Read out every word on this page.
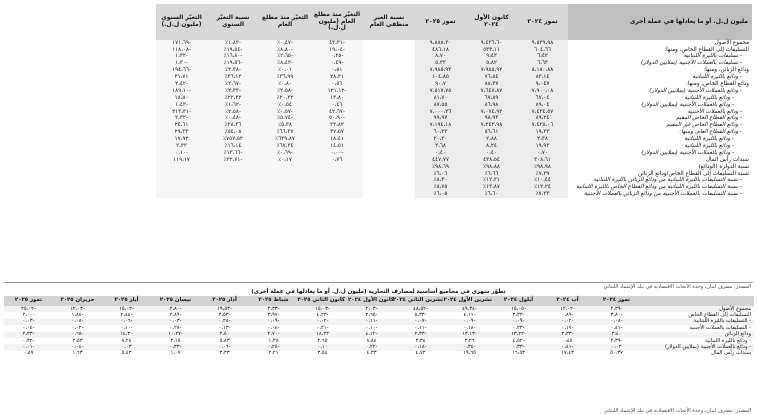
مليون ل.ل. أو ما يعادلها في عملة أخرى	تموز ٢٠٢٤	كانون الأول ٢٠٢٤	تموز ٢٠٢٥	نسبة الغير منطقي العام	التغيّر منذ مطلع العام (مليون ل.ل.)	التغيّر منذ مطلع العام	نسبة التغيّر السنوي	التغيّر السنوي (مليون ل.ل.)
مجموع الأصول	٩،٥٣٩،٩٨	٩،٤٣٦،٦٠	٩،٨٨٨،٣٠		-٤٣،٣١	-٠،٤٧٪	-١،٨٣٪	-١٧١،٦٩
التسليفات إلى القطاع الخاص، ومنها:	٦٠٤،٦٦	٥٣٣،١١	٤٨٦،١٨		-١٩،٠٤	-٨،٨٠٪	-١٩،٥٤٪	-١١٨،٠٨
- تسليفات بالليرة اللبنانية	٦،٤٢	٩،٤٢	٨،٧٠		-٠،٢٥	-٢،٦٥٪	-١٦،٨٠٪	-١،٣٣
- تسليفات بالعملات الأجنبية (بملايين الدولار)	٦،٦٣	٥،٨٢	٥،٣٣		-٠،٤٩	-٨،٤٣٪	-١٩،٥٦٪	-١،٣٠
ودائع الزبائن، ومنها:	٨،١٨٠،٨٨	٧،٩٨٥،٩٢	٧،٩٨٥،٩٢		٠،٥١	٠،٠١٪	-٢،٣٨٪	-١٩٤،٦٦
- ودائع بالليرة اللبنانية	٨٣،١٤	٧٦،٥٤	١٠٤،٨٥		٢٨،٣١	٣٦،٩٩٪	٣٦،١٢٪	٢١،٧١
ودائع القطاع الخاص، ومنها:	٩،٠٤٧	٨٨،٣٧	٩٠،٧		٠،٥٦	٠،٨٠٪	-٢،٦٧٪	-٢،٤٢
- ودائع بالعملات الأجنبية (بملايين الدولار)	٧،٩٠٠،٠٨	٧،٦٤٧،٨٧	٧،٥١٧،٧٥		-١٢١،١٢	-٢،٥٨٪	-٢،٣٣٪	-١٨٩،١٠
- ودائع بالليرة اللبنانية	٦٧،٠٤	٦٧،٨٩	٨١،٧٠		١٣،٨٠	٢٠،٣٣٪	٢٢،٣٢٪	١٨،٥٠
- ودائع بالعملات الأجنبية (بملايين الدولار)	٨٩،٠٤	٨٦،٩٨	٨٧،٥٥		٠،٤٦	٠،٥٤٪	-١،٦٢٪	-١،٤٣
- ودائع بالعملات الأجنبية	٧،٤٣٤،٥٧	٧،٠٧٤،٩٣	٧،٠٠٠،٢٦		-٤٢،٦٧	-٠،٥٧٪	-٢،٥٨٪	-٢١٣،٣١
- ودائع القطاع الخاص المقيم	٨٩،٢٤	٩٨،٩٣	٩٩،٩٧		-٥٠،٩٠	-٥،٧٤٪	-٠،٤٨٪	-٢،٣٢
- ودائع القطاع الخاص غير المقيم	٧،٤٣٨،٠٦	٧،٢٤٢،٩٨	٧،١٩٤،١٨		٣٣،٨٢	٥،٣٨٪	٢٨،٣٦٪	٢٤،٦١
- ودائع القطاع العام، ومنها:	١٩،٣٣	٥٦،٦١	٦٠،٢٣		٣٧،٥٧	٦٦،٣٧٪	٥٤،٠٨٪	٢٩،٣٣
- ودائع بالليرة اللبنانية	٢،٣٨	٢،٨٨	٢٠،٣٠		١٨،٤١	٦٣٩،٨٧٪	٧٥٧،٥٢٪	١٧،٩٢
- ودائع بالليرة اللبنانية	١٩،٩٣	٨،٢٤	٢،٦٨		١٤،٥١	٦٧،٣٤٪	١٦،١٤٪	٣،٣٣
- ودائع بالعملات الأجنبية (بملايين الدولار)	٠،٧٠	٠،٤٠	٠،٤٠		-٠،٠٠	-٠،٦٩٪	-١٣،٦٦٪	-٠،١٠
سندات رأس المال	٣٠٨،٦١	٤٣٨،٥٤	٤٤٧،٧٧		٠،٧٦	٠،١٧٪	-٣٢،٧١٪	١١٩،١٧
نسبة الدولرة (الودائع)	٩٨،٩٨٪	٩٨،٨٨٪	٩٨،٦٩٪					
نسبة التسليفات إلى القطاع الخاص/ودائع الزبائن	٧،٣٩٪	٦،٦٦٪	٦،٠٦٪					
- نسبة التسليفات بالليرة اللبنانية من ودائع الزبائن بالليرة اللبنانية	١٠،٤٤٪	١٢،٣١٪	٨،٣٠٪					
- نسبة التسليفات بالليرة اللبنانية من ودائع القطاع الخاص بالليرة اللبنانية	١٢،٢٤٪	١٣،٨٧٪	٨،٧٥٪					
- نسبة التسليفات بالعملات الأجنبية من ودائع الزبائن بالعملات الأجنبية	٧،٣٣٪	٦،٦٠٪	٦،٠٥٪					
المصدر: مصرف لبنان، وحدة الأبحاث الاقتصادية في بنك الإعتماد اللبناني
تطوّر شهري في مجاميع أساسية لمصارف التجارية (مليون ل.ل. أو ما يعادلها في عملة أخرى)
	تموز ٢٠٢٤	آب ٢٠٢٤	أيلول ٢٠٢٤	تشرين الأول ٢٠٢٤	تشرين الثاني ٢٠٢٤	كانون الأول ٢٠٢٤	كانون الثاني ٢٠٢٥	شباط ٢٠٢٥	آذار ٢٠٢٥	نيسان ٢٠٢٥	أيار ٢٠٢٥	حزيران ٢٠٢٥	تموز ٢٠٢٥
مجموع الأصول	-٢،٣٩	-١٢،٠٢	-١٥،٠٥	-٤٩،٣٤	-٤٨،٥٢	-٢،٠٣	-١٥،٠٣	-٣،٣٣	-١٩،٥٣	-٢،٨٠	-١٥،٠٣	-١٢،٠٣	-٢٥،٠٢
التسليفات إلى القطاع الخاص	-٣،٨٠	-٠،٨٩	-٣،٣٣	-٤،١١	-٥،٣٣	-٢،٦٥	-٤،٢٣	-٣،٩٧	-٣،٥٣	-٢،٨٩	-٢،٤٤	-١،٨٤	-٢،٠٠
- التسليفات بالليرة اللبنانية	-٠،٠٨	-٠،٠٢	-٠،٠٩	-٠،٠٩	-٠،٠٧	-٠،١١	-٠،٠٢	-٠،٠٩	-٠،٢٨	-٠،٠٣	-٠،٠٦	-٠،٠٨	-٠،٠٣
- التسليفات بالعملات الأجنبية	-٠،٤١	-٠،١٧	-٠،٢٣	-٠،١٨	-٠،١١	-٠،١٠	-٠،٢١	-٠،٠٤	-٠،١٣	-٠،٢٨	-٠،١٠	-٠،٠٢	-٠،٠٤
ودائع الزبائن	٣،٤٠	-٣،٣٣	-١٣،٢٢	-١٣،١٣	-٢،٣٣	-٤،١٢	١٨،٢٣	-٢،٧٠	٢،٥٠	-١٠،٢٧	١٤،٣٠	-٠،٦٨	-٢،٣٣
- ودائع بالليرة اللبنانية	-٢،٣٩	٠،٤٨	-٤،٥٢	٣،٢٦	٣،٣٤	٨،٨٤	٢،٦٥	١،٣٨	٥،٨٣	٢،١٥	٨،٢٤	٢،٥٣	-٠،٣٢
- ودائع بالعملات الأجنبية (بملايين الدولار)	٠،٠٢	-٠،٤١	-٠،٣٣	-٠،٣٤	-٠،١٨	-٠،٢٢	٠،١٠	-٠،٢٥	-٠،٠٦	-٠،٣٣	٠،٠٣	-٠،٠٤	-٠،٠١
سندات رأس المال	٥٠،٣٧	١٧،٤٣	١٦،٥٣	١٩،٦٥	٤،٧٢	٤،٣٣	٣،٥٤	٢،٢١	٣،٣٣	١،٠٧	٥،٤٣	١،٦٣	٠،٨٧
المصدر: مصرف لبنان، وحدة الأبحاث الاقتصادية في بنك الإعتماد اللبناني
